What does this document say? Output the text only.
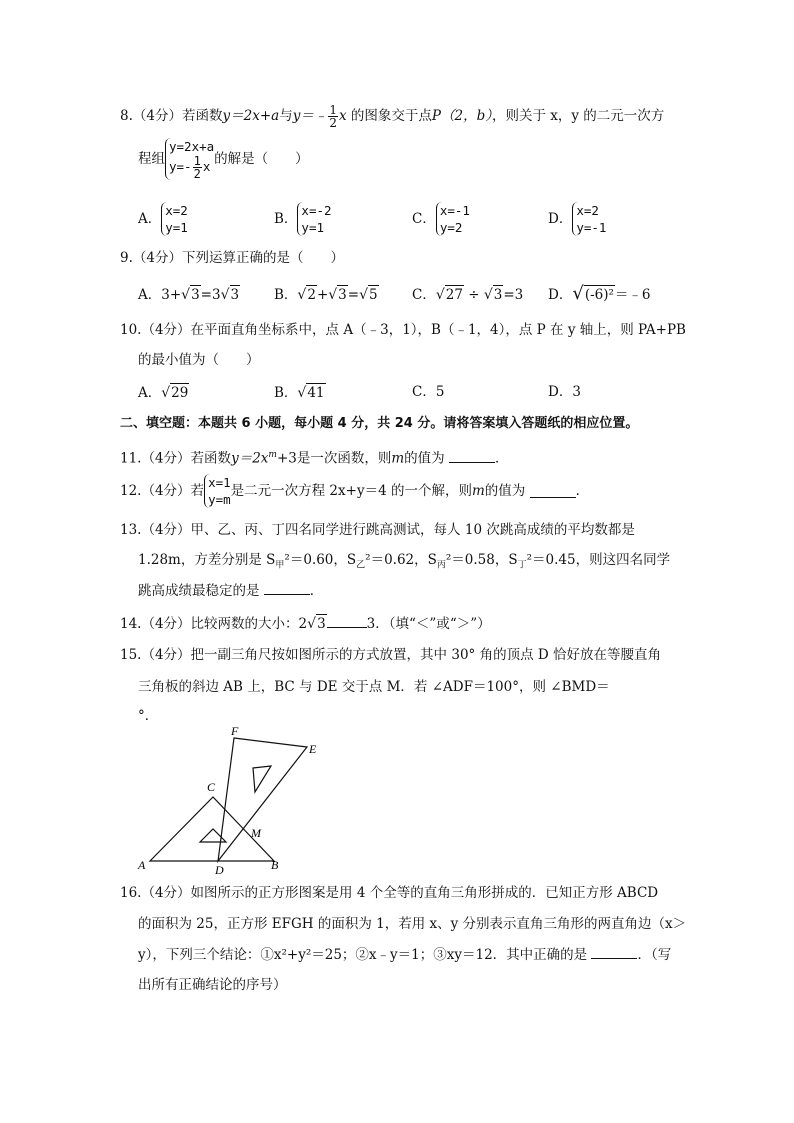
8.（4分）若函数y＝2x+a与y＝﹣ $\frac{1}{2}$ x 的图象交于点P（2，b），则关于 x，y 的二元一次方
程组
y=2x+a
$y=- \frac{1}{2}$ x 的解是（　　）
A．
x=2
y=1
B．
x=-2
y=1
C．
x=-1
y=2
D．
x=2
y=-1
9.（4分）下列运算正确的是（　　）
A．3+√3=3√3	B．√2+√3=√5	C．√27 ÷ √3=3 D．√(-6)²＝﹣6
10.（4分）在平面直角坐标系中，点 A（﹣3，1），B（﹣1，4），点 P 在 y 轴上，则 PA+PB
的最小值为（　　）
A．√29	B．√41	C．5	D．3
二、填空题：本题共 6 小题，每小题 4 分，共 24 分。请将答案填入答题纸的相应位置。
11.（4分）若函数$y=2x^m+3$是一次函数，则m的值为	．
12.（4分）若
x=1
y=m
是二元一次方程 2x+y＝4 的一个解，则m的值为	．
13.（4分）甲、乙、丙、丁四名同学进行跳高测试，每人 10 次跳高成绩的平均数都是
1.28m，方差分别是 $S_甲^2=0.60$，$S_乙^2=0.62$，$S_丙^2=0.58$，$S_丁^2=0.45$，则这四名同学
跳高成绩最稳定的是	．
14.（4分）比较两数的大小：2√3	3．（填“＜”或“＞”）
15.（4分）把一副三角尺按如图所示的方式放置，其中 30° 角的顶点 D 恰好放在等腰直角
三角板的斜边 AB 上，BC 与 DE 交于点 M．若 ∠ADF＝100°，则 ∠BMD＝
°．
F
E
C
M
A	D	B
16.（4分）如图所示的正方形图案是用 4 个全等的直角三角形拼成的．已知正方形 ABCD
的面积为 25，正方形 EFGH 的面积为 1，若用 x、y 分别表示直角三角形的两直角边（x＞
y），下列三个结论：①x²+y²＝25；②x﹣y＝1；③xy＝12．其中正确的是	．（写
出所有正确结论的序号）
